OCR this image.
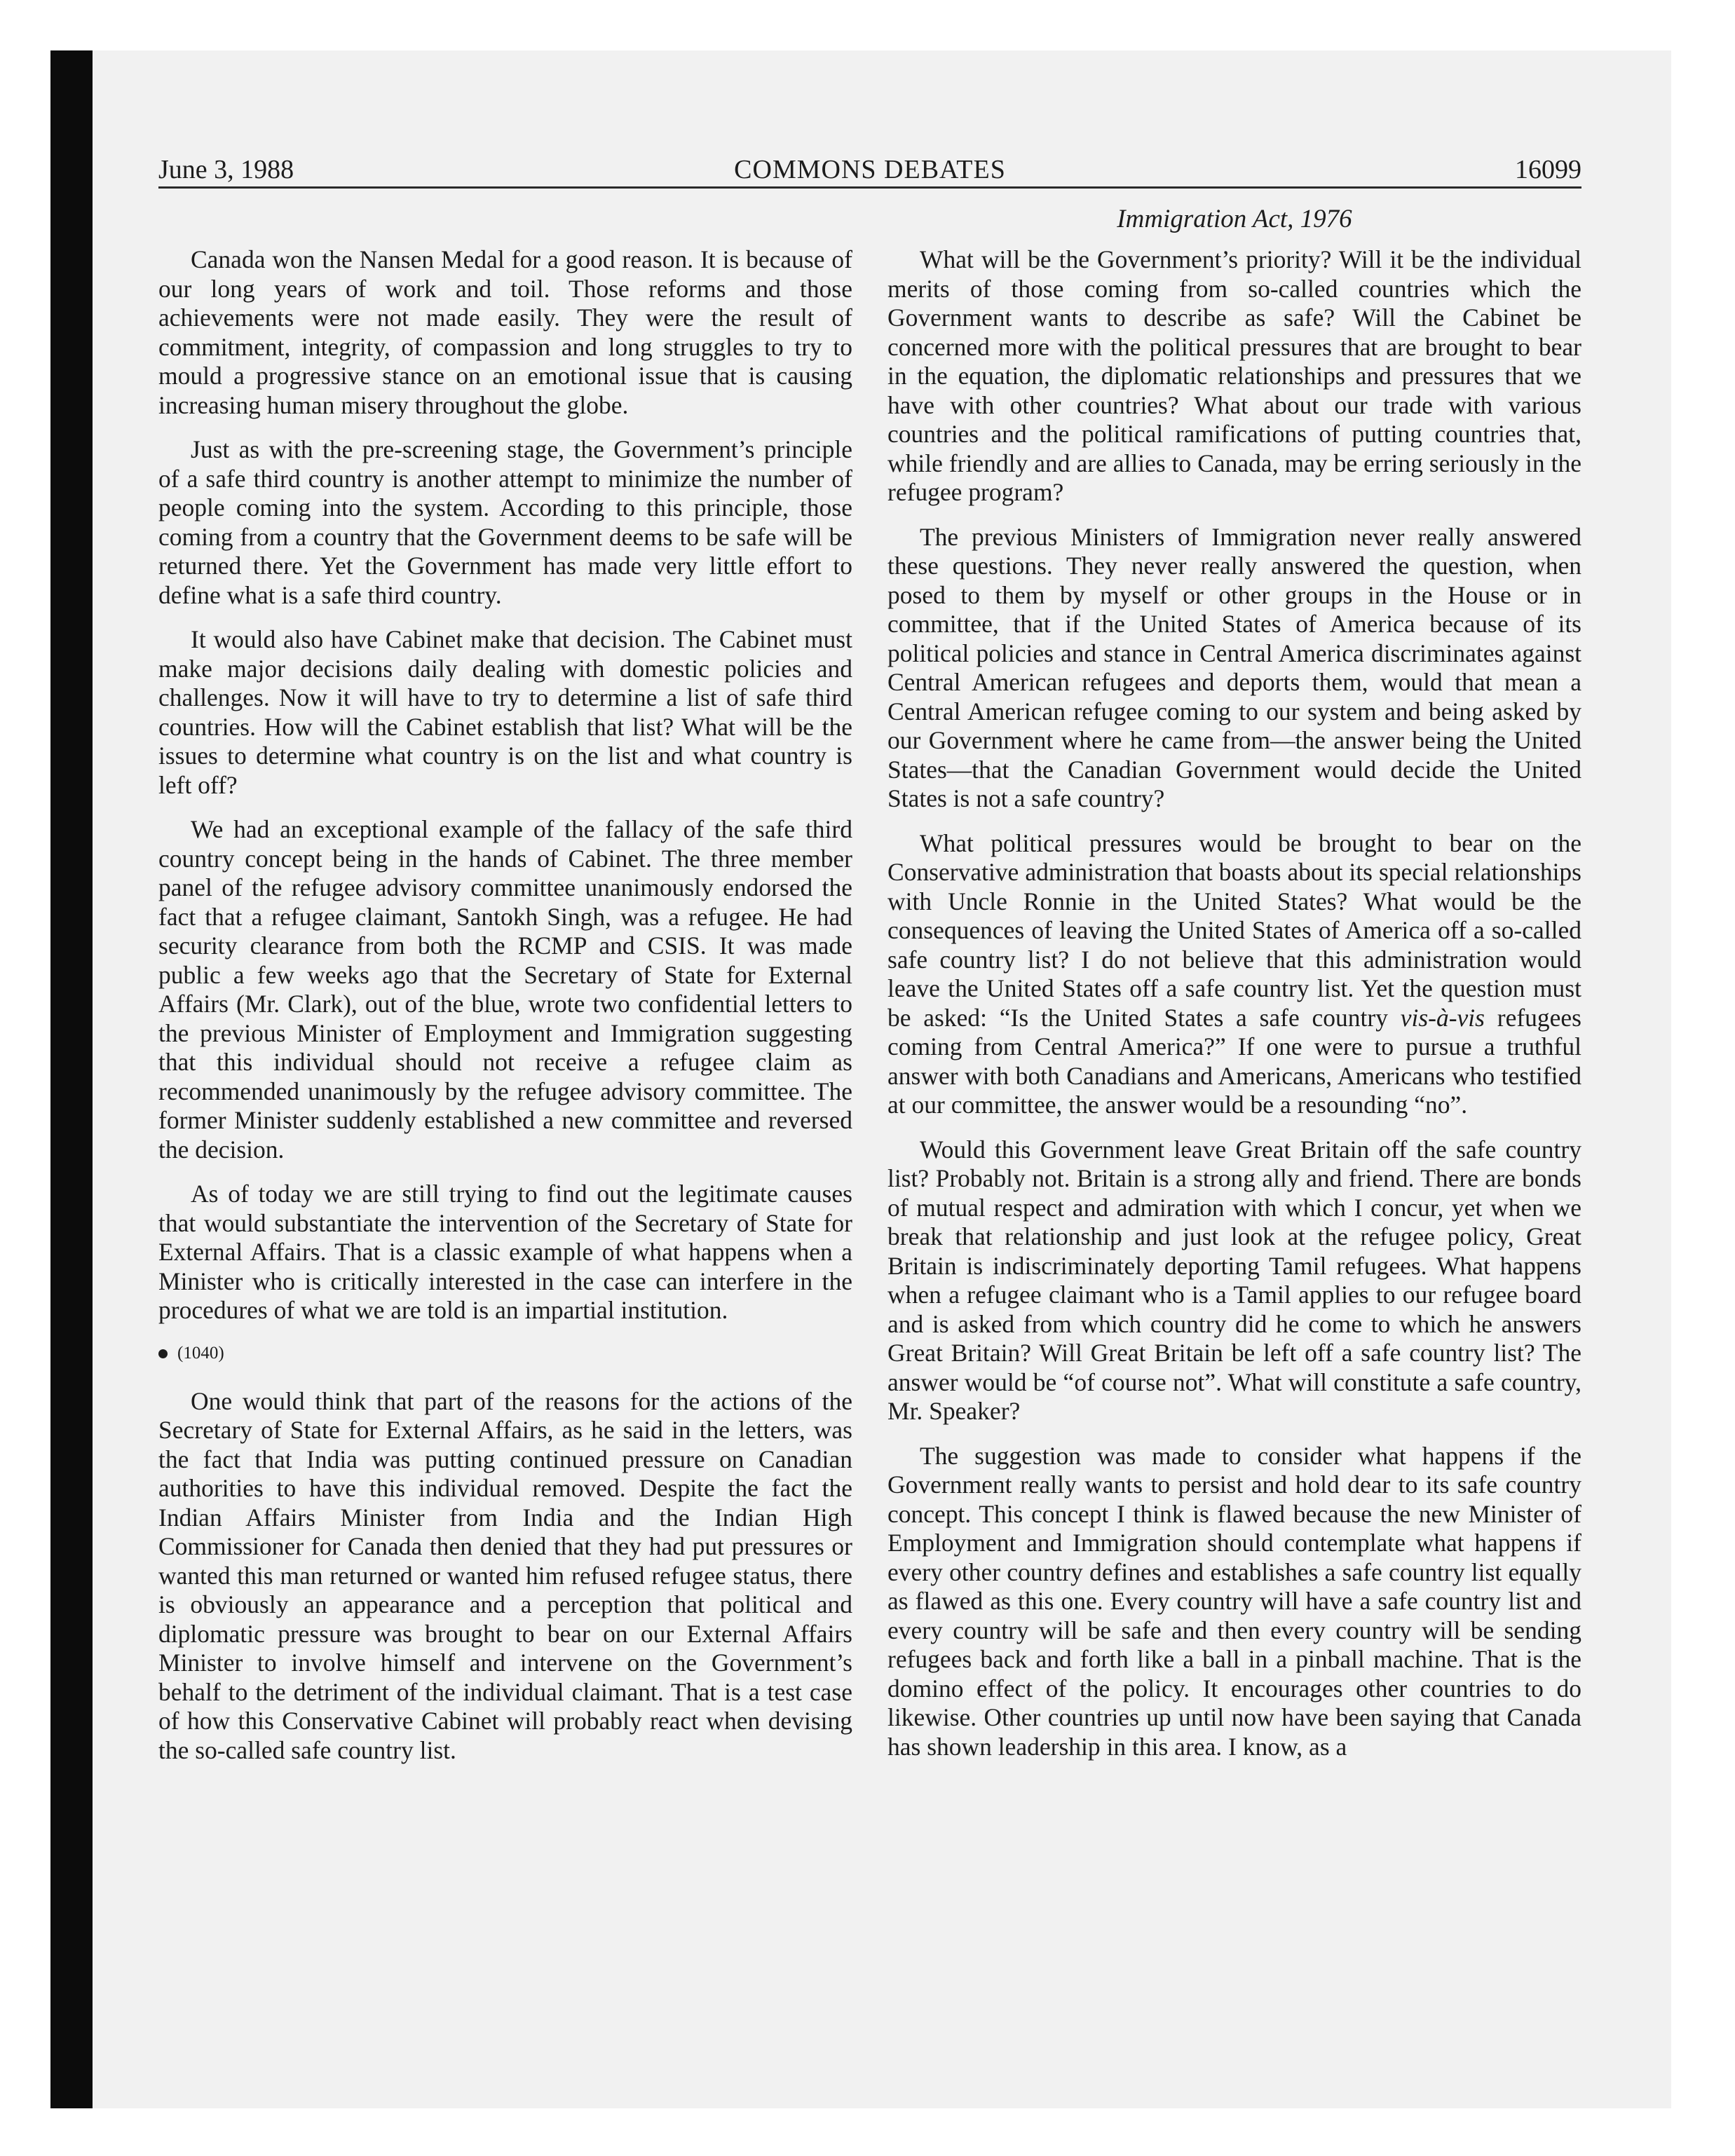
June 3, 1988	COMMONS DEBATES	16099
Immigration Act, 1976

Canada won the Nansen Medal for a good reason. It is because of our long years of work and toil. Those reforms and those achievements were not made easily. They were the result of commitment, integrity, of compassion and long struggles to try to mould a progressive stance on an emotional issue that is causing increasing human misery throughout the globe.

Just as with the pre-screening stage, the Government’s principle of a safe third country is another attempt to minimize the number of people coming into the system. According to this principle, those coming from a country that the Government deems to be safe will be returned there. Yet the Government has made very little effort to define what is a safe third country.

It would also have Cabinet make that decision. The Cabinet must make major decisions daily dealing with domestic policies and challenges. Now it will have to try to determine a list of safe third countries. How will the Cabinet establish that list? What will be the issues to determine what country is on the list and what country is left off?

We had an exceptional example of the fallacy of the safe third country concept being in the hands of Cabinet. The three member panel of the refugee advisory committee unanimously endorsed the fact that a refugee claimant, Santokh Singh, was a refugee. He had security clearance from both the RCMP and CSIS. It was made public a few weeks ago that the Secretary of State for External Affairs (Mr. Clark), out of the blue, wrote two confidential letters to the previous Minister of Employment and Immigration suggesting that this individual should not receive a refugee claim as recommended unanimously by the refugee advisory committee. The former Minister suddenly established a new committee and reversed the decision.

As of today we are still trying to find out the legitimate causes that would substantiate the intervention of the Secretary of State for External Affairs. That is a classic example of what happens when a Minister who is critically interested in the case can interfere in the procedures of what we are told is an impartial institution.

(1040)

One would think that part of the reasons for the actions of the Secretary of State for External Affairs, as he said in the letters, was the fact that India was putting continued pressure on Canadian authorities to have this individual removed. Despite the fact the Indian Affairs Minister from India and the Indian High Commissioner for Canada then denied that they had put pressures or wanted this man returned or wanted him refused refugee status, there is obviously an appearance and a perception that political and diplomatic pressure was brought to bear on our External Affairs Minister to involve himself and intervene on the Government’s behalf to the detriment of the individual claimant. That is a test case of how this Conservative Cabinet will probably react when devising the so-called safe country list.

What will be the Government’s priority? Will it be the individual merits of those coming from so-called countries which the Government wants to describe as safe? Will the Cabinet be concerned more with the political pressures that are brought to bear in the equation, the diplomatic relationships and pressures that we have with other countries? What about our trade with various countries and the political ramifications of putting countries that, while friendly and are allies to Canada, may be erring seriously in the refugee program?

The previous Ministers of Immigration never really answered these questions. They never really answered the question, when posed to them by myself or other groups in the House or in committee, that if the United States of America because of its political policies and stance in Central America discriminates against Central American refugees and deports them, would that mean a Central American refugee coming to our system and being asked by our Government where he came from—the answer being the United States—that the Canadian Government would decide the United States is not a safe country?

What political pressures would be brought to bear on the Conservative administration that boasts about its special relationships with Uncle Ronnie in the United States? What would be the consequences of leaving the United States of America off a so-called safe country list? I do not believe that this administration would leave the United States off a safe country list. Yet the question must be asked: “Is the United States a safe country vis-à-vis refugees coming from Central America?” If one were to pursue a truthful answer with both Canadians and Americans, Americans who testified at our committee, the answer would be a resounding “no”.

Would this Government leave Great Britain off the safe country list? Probably not. Britain is a strong ally and friend. There are bonds of mutual respect and admiration with which I concur, yet when we break that relationship and just look at the refugee policy, Great Britain is indiscriminately deporting Tamil refugees. What happens when a refugee claimant who is a Tamil applies to our refugee board and is asked from which country did he come to which he answers Great Britain? Will Great Britain be left off a safe country list? The answer would be “of course not”. What will constitute a safe country, Mr. Speaker?

The suggestion was made to consider what happens if the Government really wants to persist and hold dear to its safe country concept. This concept I think is flawed because the new Minister of Employment and Immigration should contemplate what happens if every other country defines and establishes a safe country list equally as flawed as this one. Every country will have a safe country list and every country will be safe and then every country will be sending refugees back and forth like a ball in a pinball machine. That is the domino effect of the policy. It encourages other countries to do likewise. Other countries up until now have been saying that Canada has shown leadership in this area. I know, as a
